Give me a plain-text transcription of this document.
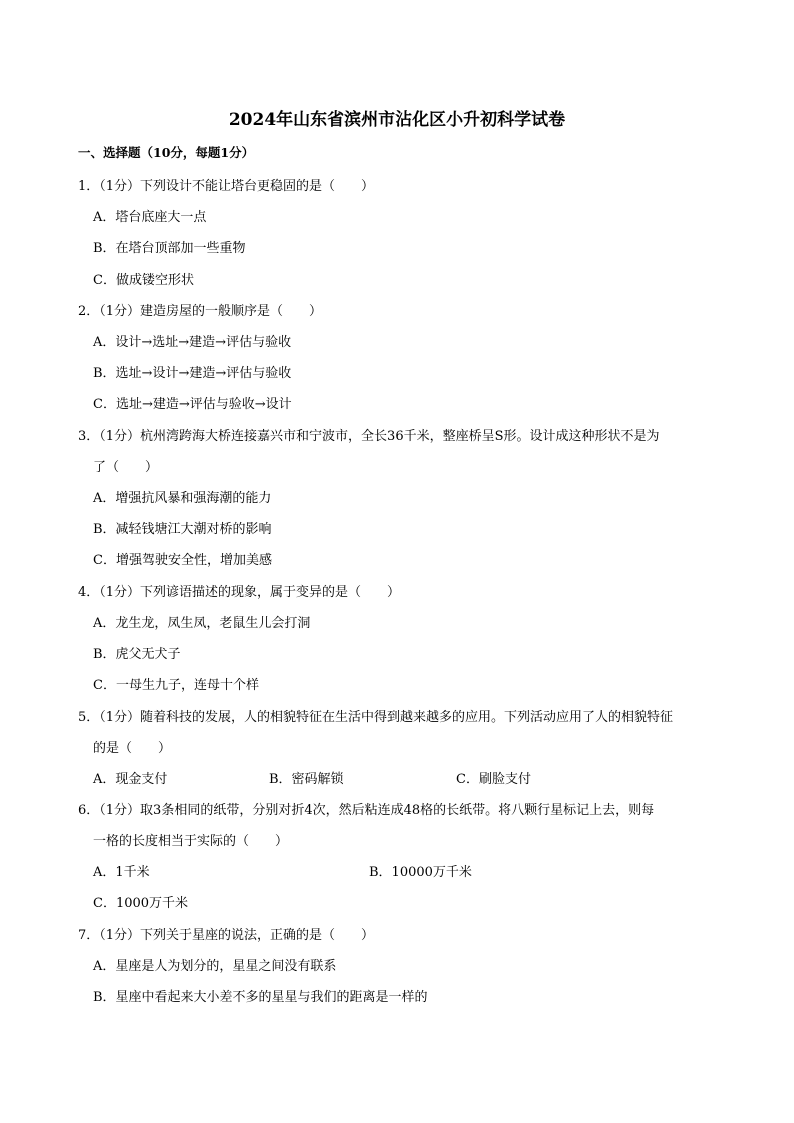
2024年山东省滨州市沾化区小升初科学试卷
一、选择题（10分，每题1分）
1．（1分）下列设计不能让塔台更稳固的是（　　）
A．塔台底座大一点
B．在塔台顶部加一些重物
C．做成镂空形状
2．（1分）建造房屋的一般顺序是（　　）
A．设计→选址→建造→评估与验收
B．选址→设计→建造→评估与验收
C．选址→建造→评估与验收→设计
3．（1分）杭州湾跨海大桥连接嘉兴市和宁波市，全长36千米，整座桥呈S形。设计成这种形状不是为
了（　　）
A．增强抗风暴和强海潮的能力
B．减轻钱塘江大潮对桥的影响
C．增强驾驶安全性，增加美感
4．（1分）下列谚语描述的现象，属于变异的是（　　）
A．龙生龙，凤生凤，老鼠生儿会打洞
B．虎父无犬子
C．一母生九子，连母十个样
5．（1分）随着科技的发展，人的相貌特征在生活中得到越来越多的应用。下列活动应用了人的相貌特征
的是（　　）
A．现金支付	B．密码解锁	C．刷脸支付
6．（1分）取3条相同的纸带，分别对折4次，然后粘连成48格的长纸带。将八颗行星标记上去，则每
一格的长度相当于实际的（　　）
A．1千米	B．10000万千米
C．1000万千米
7．（1分）下列关于星座的说法，正确的是（　　）
A．星座是人为划分的，星星之间没有联系
B．星座中看起来大小差不多的星星与我们的距离是一样的
